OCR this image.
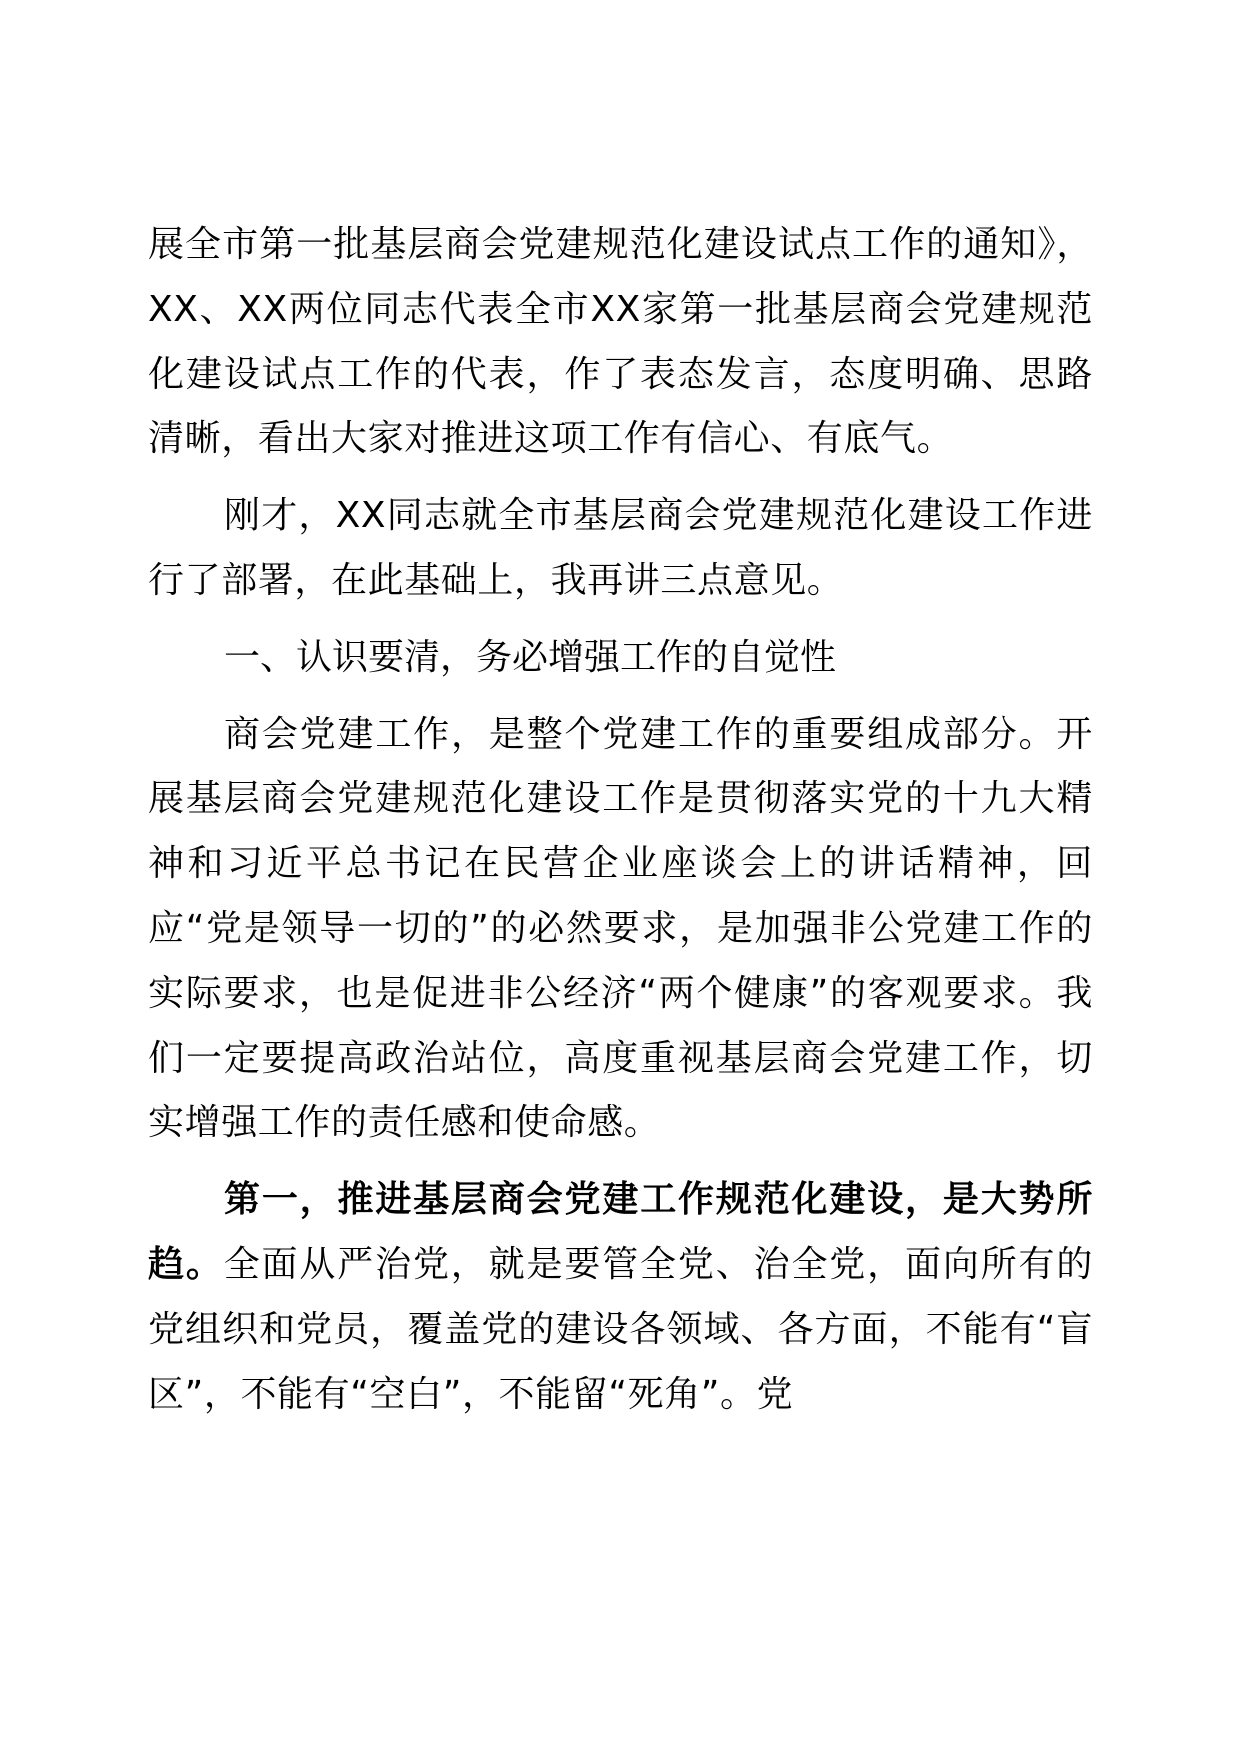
展全市第一批基层商会党建规范化建设试点工作的通知》，XX、XX两位同志代表全市XX家第一批基层商会党建规范化建设试点工作的代表，作了表态发言，态度明确、思路清晰，看出大家对推进这项工作有信心、有底气。

刚才，XX同志就全市基层商会党建规范化建设工作进行了部署，在此基础上，我再讲三点意见。

一、认识要清，务必增强工作的自觉性

商会党建工作，是整个党建工作的重要组成部分。开展基层商会党建规范化建设工作是贯彻落实党的十九大精神和习近平总书记在民营企业座谈会上的讲话精神，回应“党是领导一切的”的必然要求，是加强非公党建工作的实际要求，也是促进非公经济“两个健康”的客观要求。我们一定要提高政治站位，高度重视基层商会党建工作，切实增强工作的责任感和使命感。

第一，推进基层商会党建工作规范化建设，是大势所趋。全面从严治党，就是要管全党、治全党，面向所有的党组织和党员，覆盖党的建设各领域、各方面，不能有“盲区”，不能有“空白”，不能留“死角”。党
